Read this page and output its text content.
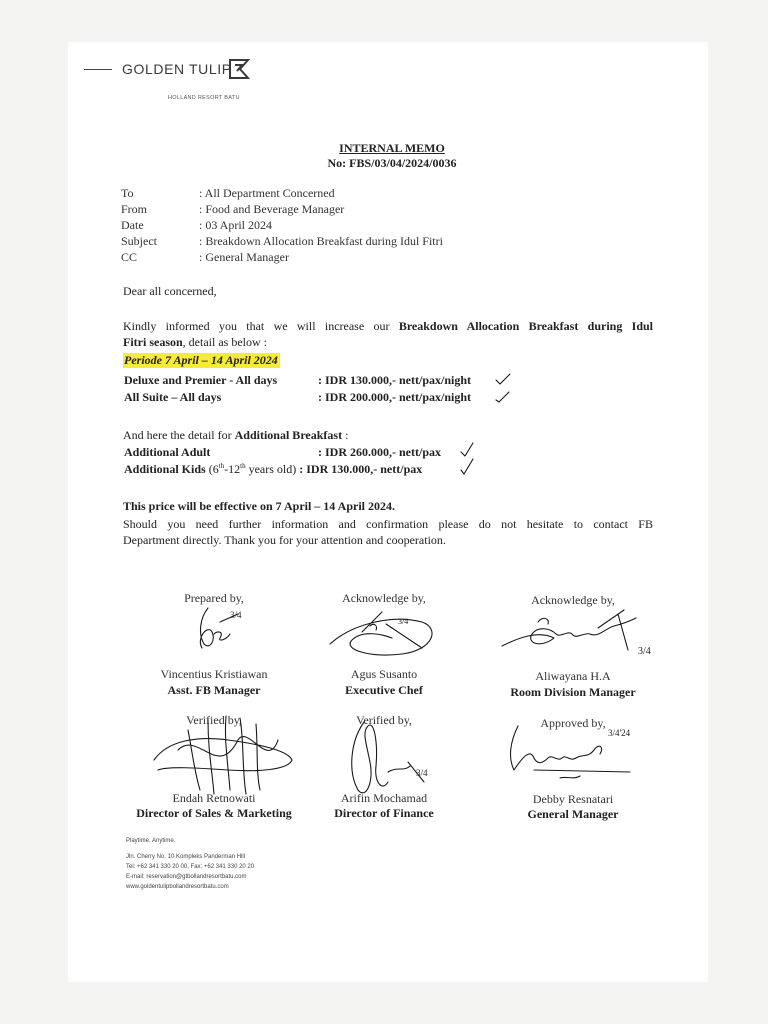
GOLDEN TULIP
HOLLAND RESORT BATU
INTERNAL MEMO
No: FBS/03/04/2024/0036
To	: All Department Concerned
From	: Food and Beverage Manager
Date	: 03 April 2024
Subject	: Breakdown Allocation Breakfast during Idul Fitri
CC	: General Manager
Dear all concerned,
Kindly informed you that we will increase our Breakdown Allocation Breakfast during Idul
Fitri season, detail as below :
Periode 7 April – 14 April 2024
Deluxe and Premier - All days	: IDR 130.000,- nett/pax/night
All Suite – All days	: IDR 200.000,- nett/pax/night
And here the detail for Additional Breakfast :
Additional Adult	: IDR 260.000,- nett/pax
Additional Kids (6th-12th years old) : IDR 130.000,- nett/pax
This price will be effective on 7 April – 14 April 2024.
Should you need further information and confirmation please do not hesitate to contact FB
Department directly. Thank you for your attention and cooperation.
Prepared by,
3/4
Vincentius Kristiawan
Asst. FB Manager
Acknowledge by,
3/4
Agus Susanto
Executive Chef
Acknowledge by,
3/4
Aliwayana H.A
Room Division Manager
Verified by,
Endah Retnowati
Director of Sales & Marketing
Verified by,
3/4
Arifin Mochamad
Director of Finance
Approved by,
3/4'24
Debby Resnatari
General Manager
Playtime. Anytime.
Jln. Cherry No. 10 Kompleks Panderman Hill
Tel: +62 341 330 20 00, Fax: +62 341 330 20 20
E-mail: reservation@gtbollandresortbatu.com
www.goldentulipbollandresortbatu.com
